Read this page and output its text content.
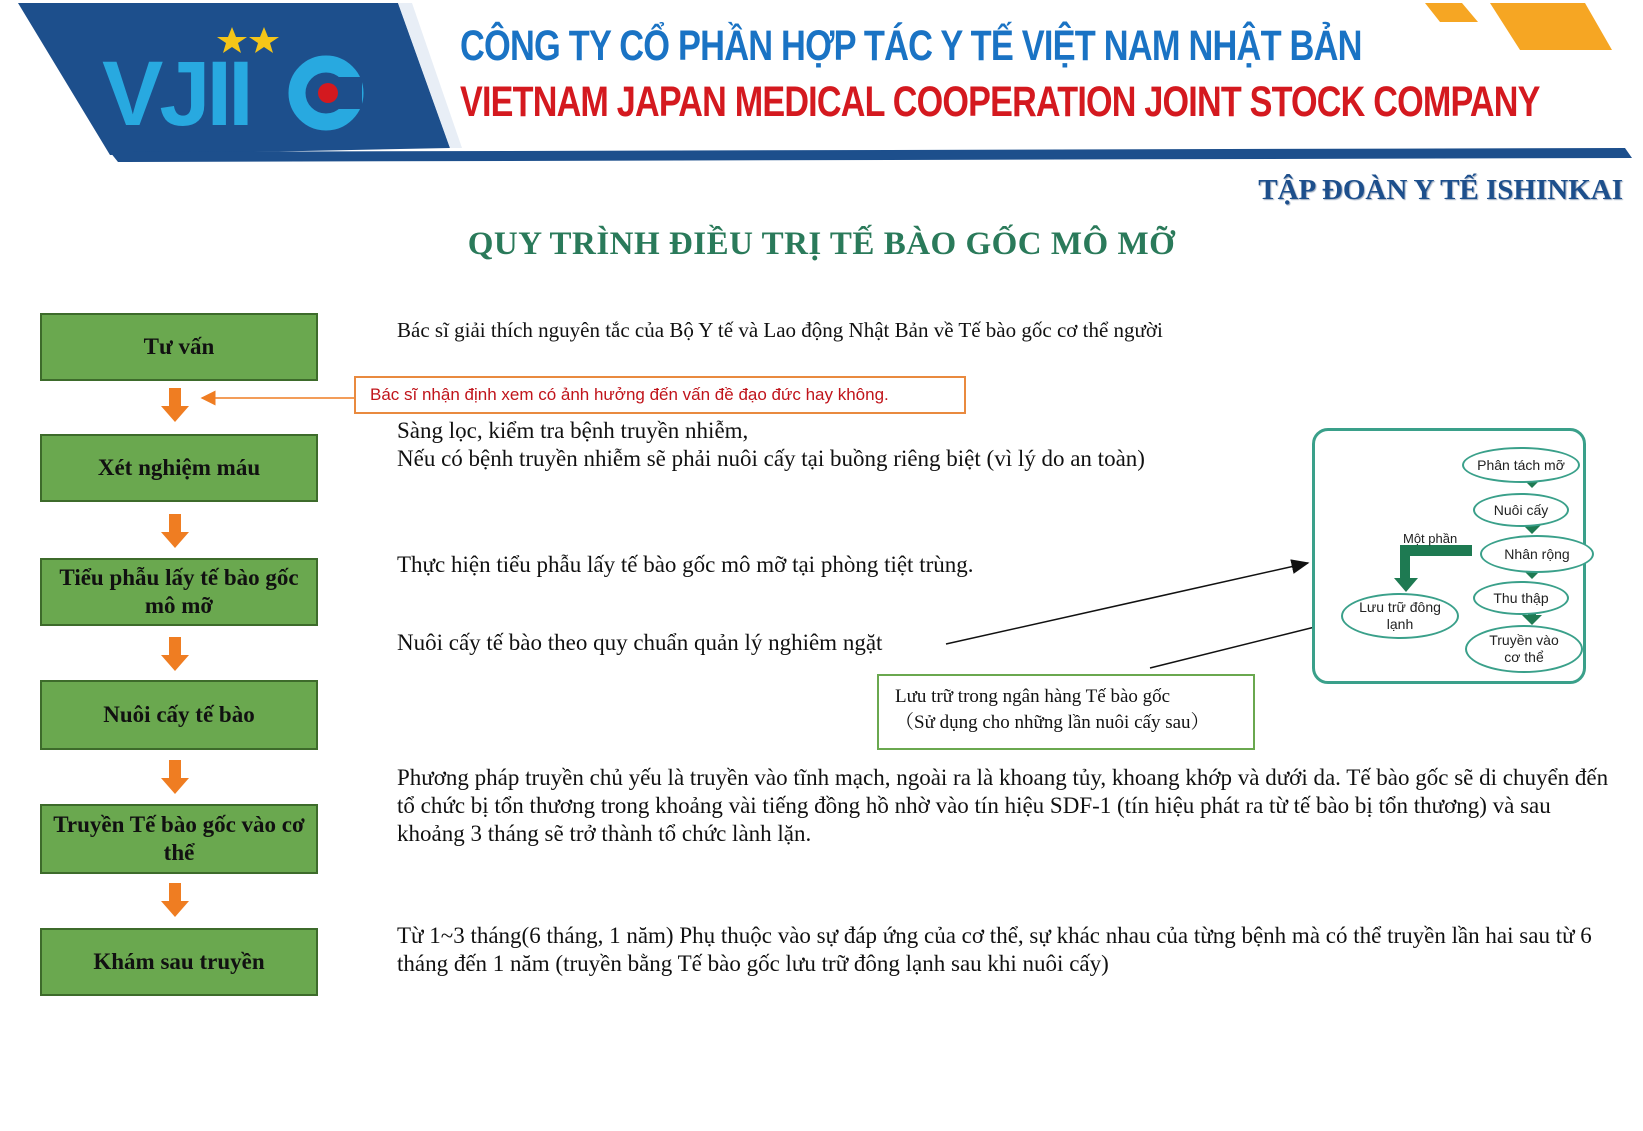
VJII	CÔNG TY CỔ PHẦN HỢP TÁC Y TẾ VIỆT NAM NHẬT BẢN

VIETNAM JAPAN MEDICAL COOPERATION JOINT STOCK COMPANY

TẬP ĐOÀN Y TẾ ISHINKAI

QUY TRÌNH ĐIỀU TRỊ TẾ BÀO GỐC MÔ MỠ
Tư vấn
Xét nghiệm máu
Tiểu phẫu lấy tế bào gốc mô mỡ
Nuôi cấy tế bào
Truyền Tế bào gốc vào cơ thể
Khám sau truyền

Bác sĩ giải thích nguyên tắc của Bộ Y tế và Lao động Nhật Bản về Tế bào gốc cơ thể người

Bác sĩ nhận định xem có ảnh hưởng đến vấn đề đạo đức hay không.
Sàng lọc, kiểm tra bệnh truyền nhiễm,
Nếu có bệnh truyền nhiễm sẽ phải nuôi cấy tại buồng riêng biệt (vì lý do an toàn)

Thực hiện tiểu phẫu lấy tế bào gốc mô mỡ tại phòng tiệt trùng.

Nuôi cấy tế bào theo quy chuẩn quản lý nghiêm ngặt

Lưu trữ trong ngân hàng Tế bào gốc
（Sử dụng cho những lần nuôi cấy sau）

Phương pháp truyền chủ yếu là truyền vào tĩnh mạch, ngoài ra là khoang tủy, khoang khớp và dưới da. Tế bào gốc sẽ di chuyển đến tổ chức bị tổn thương trong khoảng vài tiếng đồng hồ nhờ vào tín hiệu SDF-1 (tín hiệu phát ra từ tế bào bị tổn thương) và sau khoảng 3 tháng sẽ trở thành tổ chức lành lặn.

Từ 1~3 tháng(6 tháng, 1 năm) Phụ thuộc vào sự đáp ứng của cơ thể, sự khác nhau của từng bệnh mà có thể truyền lần hai sau từ 6 tháng đến 1 năm (truyền bằng Tế bào gốc lưu trữ đông lạnh sau khi nuôi cấy)

Phân tách mỡ
Nuôi cấy
Nhân rộng
Thu thập
Truyền vào cơ thể
Lưu trữ đông lạnh
Một phần
